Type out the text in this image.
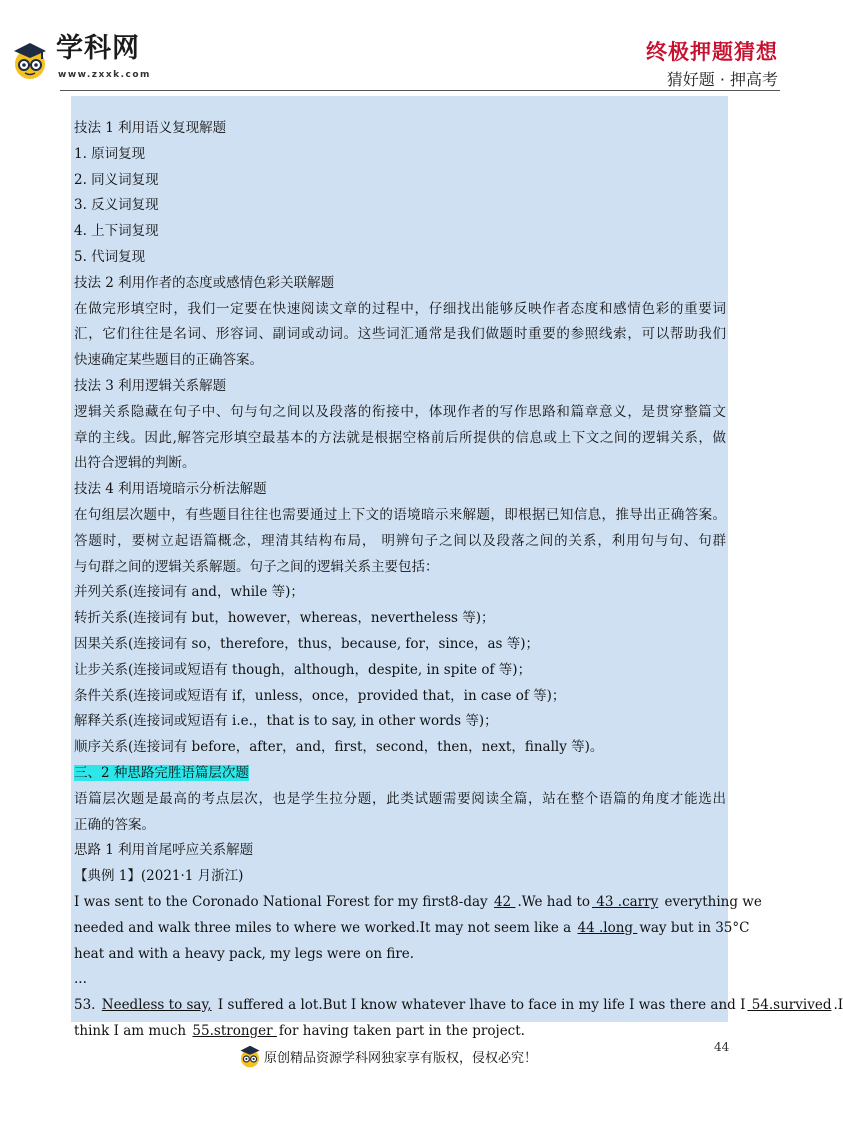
学科网
www.zxxk.com
终极押题猜想
猜好题 · 押高考
技法 1 利用语义复现解题
1. 原词复现
2. 同义词复现
3. 反义词复现
4. 上下词复现
5. 代词复现
技法 2 利用作者的态度或感情色彩关联解题
在做完形填空时，我们一定要在快速阅读文章的过程中，仔细找出能够反映作者态度和感情色彩的重要词
汇，它们往往是名词、形容词、副词或动词。这些词汇通常是我们做题时重要的参照线索，可以帮助我们
快速确定某些题目的正确答案。
技法 3 利用逻辑关系解题
逻辑关系隐藏在句子中、句与句之间以及段落的衔接中，体现作者的写作思路和篇章意义，是贯穿整篇文
章的主线。因此,解答完形填空最基本的方法就是根据空格前后所提供的信息或上下文之间的逻辑关系，做
出符合逻辑的判断。
技法 4 利用语境暗示分析法解题
在句组层次题中，有些题目往往也需要通过上下文的语境暗示来解题，即根据已知信息，推导出正确答案。
答题时，要树立起语篇概念，理清其结构布局， 明辨句子之间以及段落之间的关系，利用句与句、句群
与句群之间的逻辑关系解题。句子之间的逻辑关系主要包括：
并列关系(连接词有 and，while 等)；
转折关系(连接词有 but，however，whereas，nevertheless 等)；
因果关系(连接词有 so，therefore，thus，because, for，since，as 等)；
让步关系(连接词或短语有 though，although，despite, in spite of 等)；
条件关系(连接词或短语有 if，unless，once，provided that，in case of 等)；
解释关系(连接词或短语有 i.e.，that is to say, in other words 等)；
顺序关系(连接词有 before，after，and，first，second，then，next，finally 等)。
三、2 种思路完胜语篇层次题
语篇层次题是最高的考点层次，也是学生拉分题，此类试题需要阅读全篇，站在整个语篇的角度才能选出
正确的答案。
思路 1 利用首尾呼应关系解题
【典例 1】(2021·1 月浙江)
I was sent to the Coronado National Forest for my first8-day 42 .We had to 43 .carry everything we
needed and walk three miles to where we worked.It may not seem like a 44 .long way but in 35°C
heat and with a heavy pack, my legs were on fire.
...
53. Needless to say, I suffered a lot.But I know whatever lhave to face in my life I was there and I 54.survived .I
think I am much 55.stronger for having taken part in the project.
44
原创精品资源学科网独家享有版权，侵权必究！
